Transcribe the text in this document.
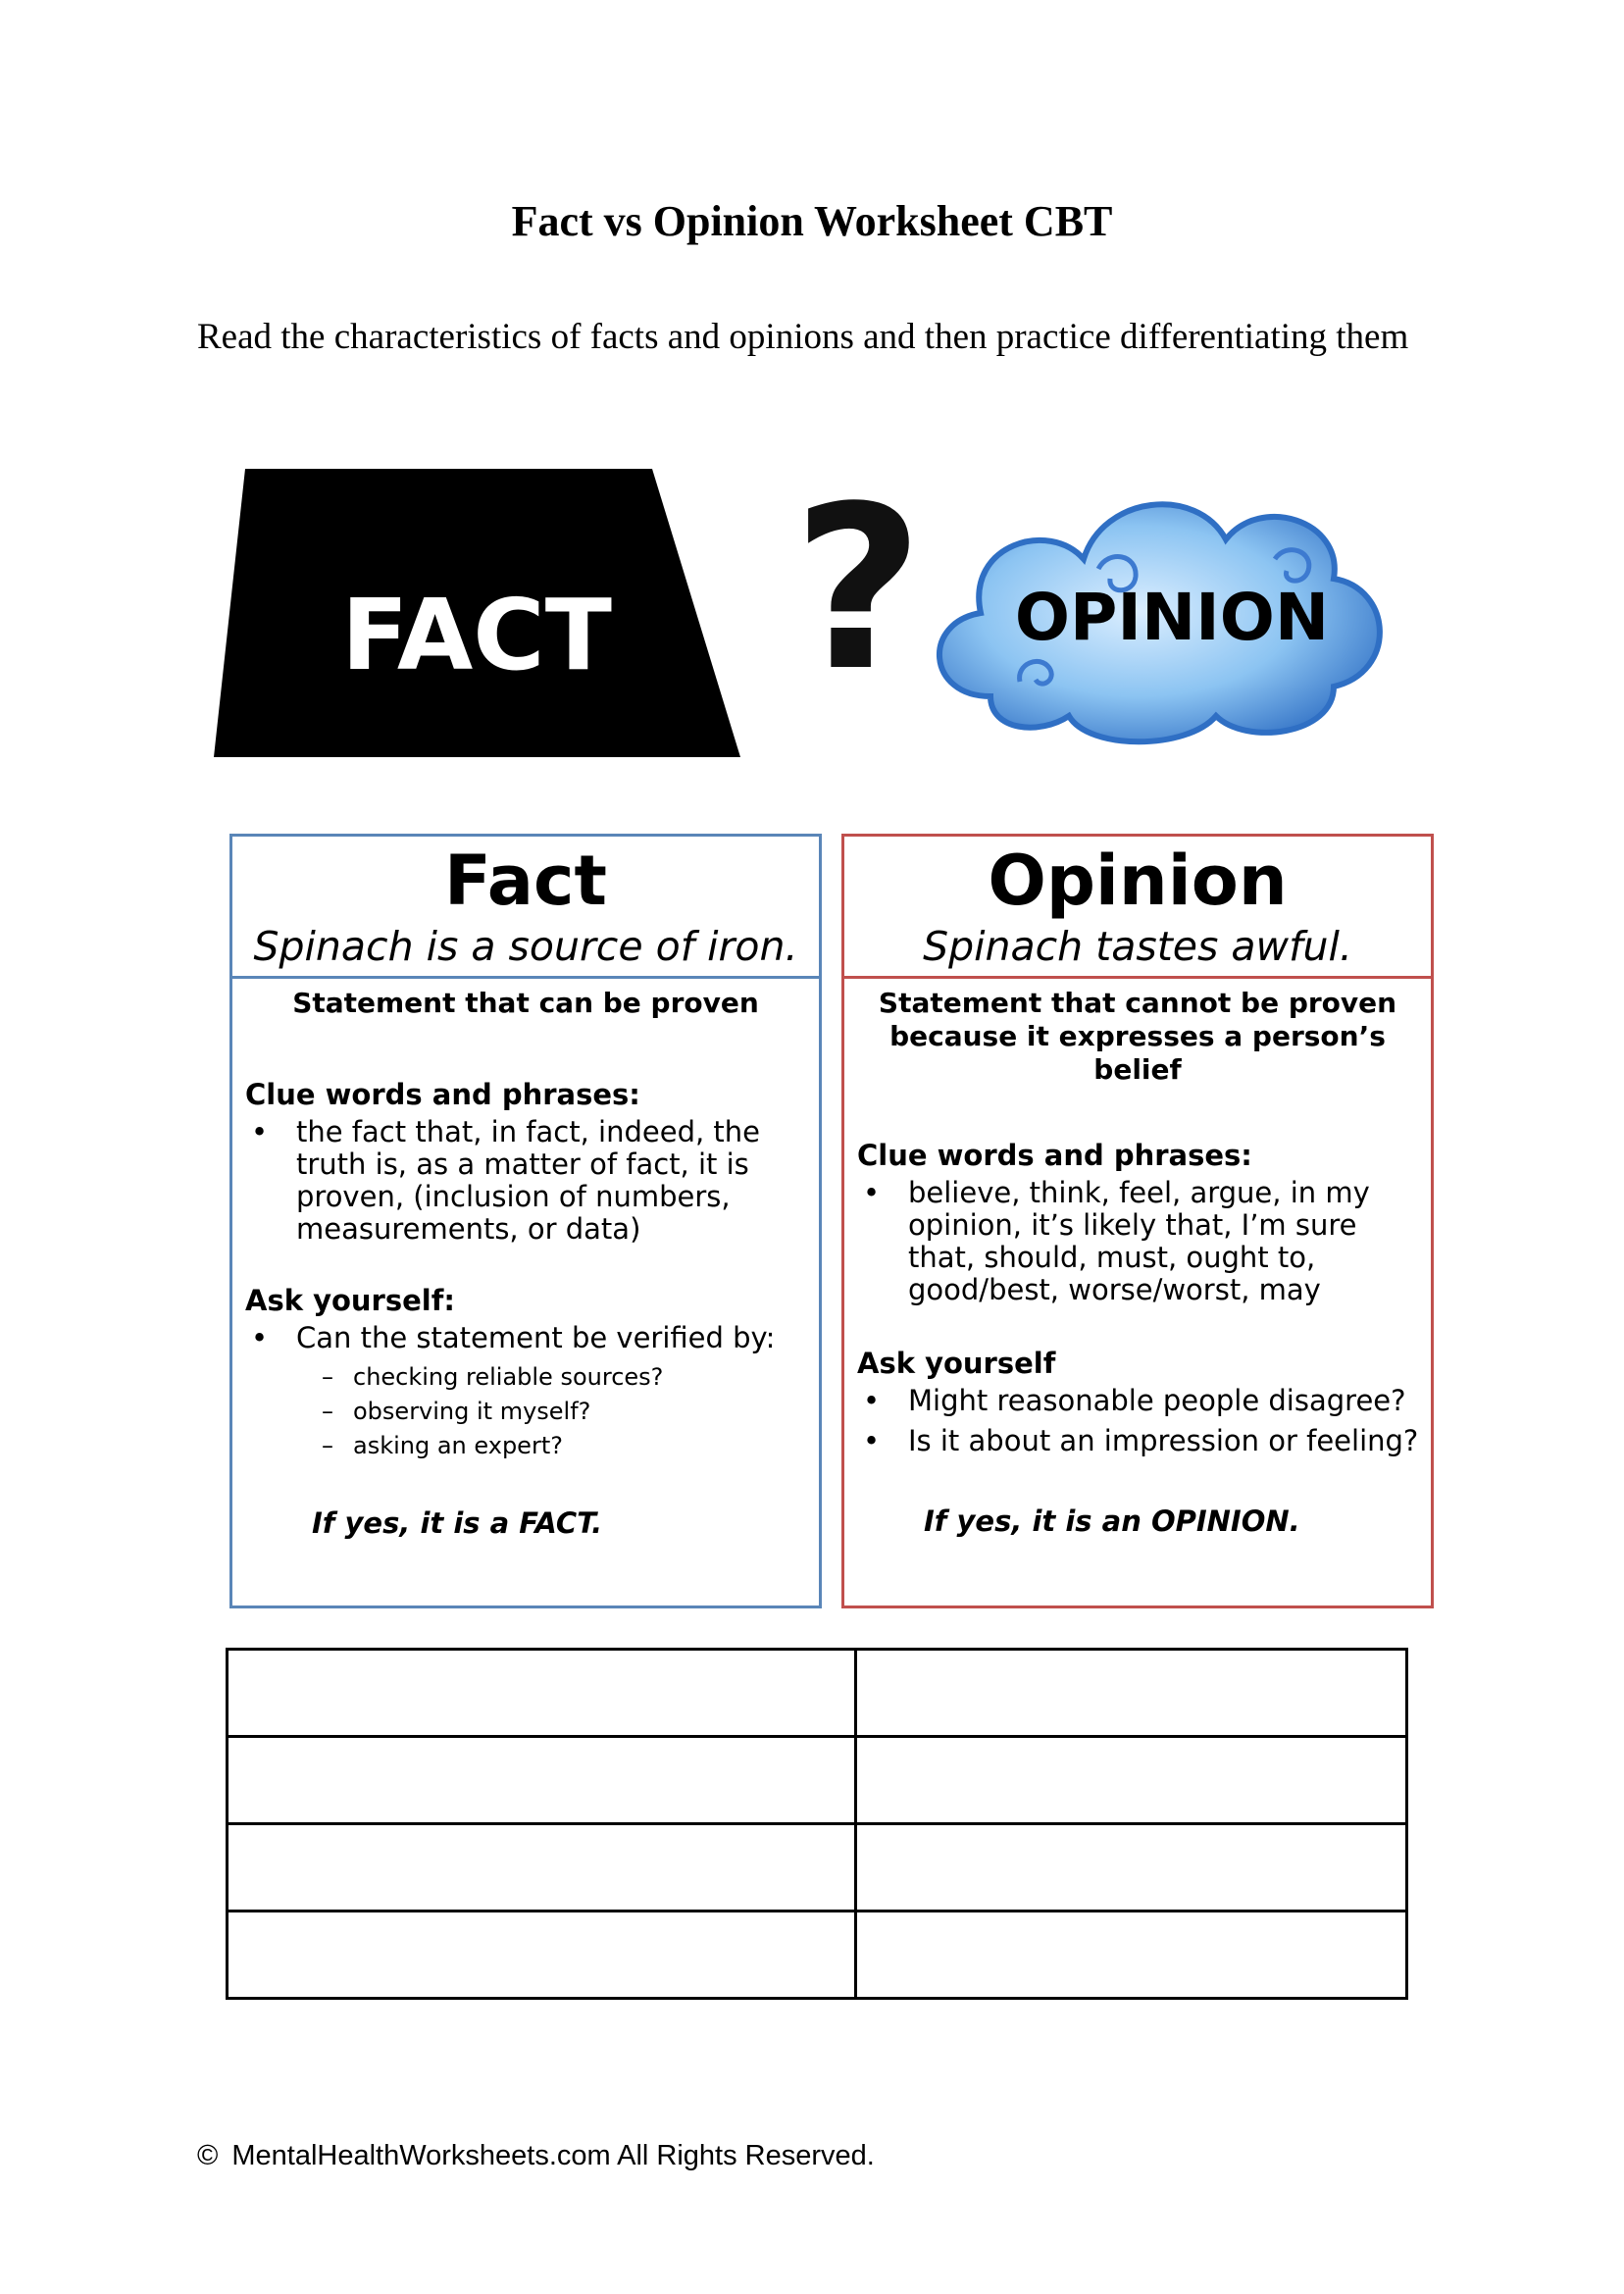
Fact vs Opinion Worksheet CBT
Read the characteristics of facts and opinions and then practice differentiating them
FACT ? OPINION
Fact
Spinach is a source of iron.
Statement that can be proven
Clue words and phrases:
• the fact that, in fact, indeed, the truth is, as a matter of fact, it is proven, (inclusion of numbers, measurements, or data)
Ask yourself:
• Can the statement be verified by:
– checking reliable sources?
– observing it myself?
– asking an expert?
If yes, it is a FACT.
Opinion
Spinach tastes awful.
Statement that cannot be proven because it expresses a person’s belief
Clue words and phrases:
• believe, think, feel, argue, in my opinion, it’s likely that, I’m sure that, should, must, ought to, good/best, worse/worst, may
Ask yourself
• Might reasonable people disagree?
• Is it about an impression or feeling?
If yes, it is an OPINION.

© MentalHealthWorksheets.com All Rights Reserved.
